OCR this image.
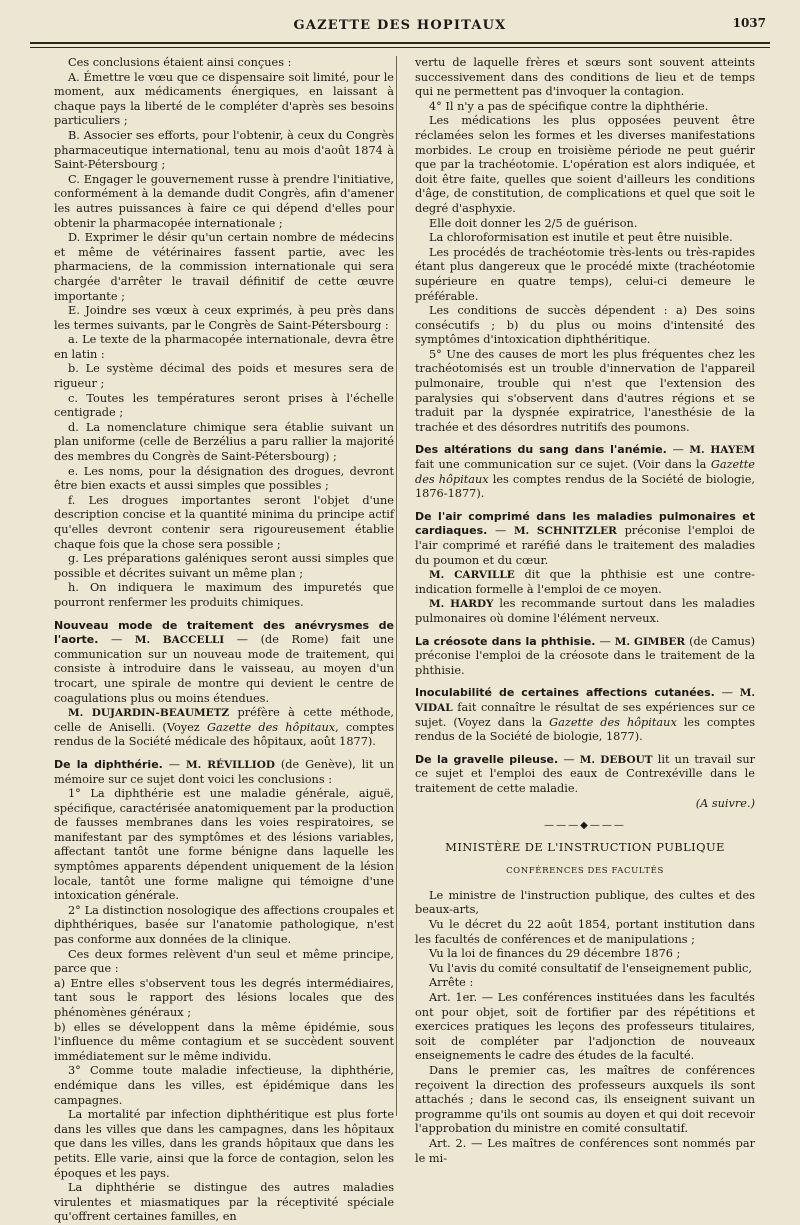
GAZETTE DES HOPITAUX	1037

Ces conclusions étaient ainsi conçues :

A. Émettre le vœu que ce dispensaire soit limité, pour le moment, aux médicaments énergiques, en laissant à chaque pays la liberté de le compléter d'après ses besoins particuliers ;

B. Associer ses efforts, pour l'obtenir, à ceux du Congrès pharmaceutique international, tenu au mois d'août 1874 à Saint-Pétersbourg ;

C. Engager le gouvernement russe à prendre l'initiative, conformément à la demande dudit Congrès, afin d'amener les autres puissances à faire ce qui dépend d'elles pour obtenir la pharmacopée internationale ;

D. Exprimer le désir qu'un certain nombre de médecins et même de vétérinaires fassent partie, avec les pharmaciens, de la commission internationale qui sera chargée d'arrêter le travail définitif de cette œuvre importante ;

E. Joindre ses vœux à ceux exprimés, à peu près dans les termes suivants, par le Congrès de Saint-Pétersbourg :

a. Le texte de la pharmacopée internationale, devra être en latin :

b. Le système décimal des poids et mesures sera de rigueur ;

c. Toutes les températures seront prises à l'échelle centigrade ;

d. La nomenclature chimique sera établie suivant un plan uniforme (celle de Berzélius a paru rallier la majorité des membres du Congrès de Saint-Pétersbourg) ;

e. Les noms, pour la désignation des drogues, devront être bien exacts et aussi simples que possibles ;

f. Les drogues importantes seront l'objet d'une description concise et la quantité minima du principe actif qu'elles devront contenir sera rigoureusement établie chaque fois que la chose sera possible ;

g. Les préparations galéniques seront aussi simples que possible et décrites suivant un même plan ;

h. On indiquera le maximum des impuretés que pourront renfermer les produits chimiques.

Nouveau mode de traitement des anévrysmes de l'aorte. — M. BACCELLI — (de Rome) fait une communication sur un nouveau mode de traitement, qui consiste à introduire dans le vaisseau, au moyen d'un trocart, une spirale de montre qui devient le centre de coagulations plus ou moins étendues.

M. DUJARDIN-BEAUMETZ préfère à cette méthode, celle de Aniselli. (Voyez Gazette des hôpitaux, comptes rendus de la Société médicale des hôpitaux, août 1877).

De la diphthérie. — M. RÉVILLIOD (de Genève), lit un mémoire sur ce sujet dont voici les conclusions :

1° La diphthérie est une maladie générale, aiguë, spécifique, caractérisée anatomiquement par la production de fausses membranes dans les voies respiratoires, se manifestant par des symptômes et des lésions variables, affectant tantôt une forme bénigne dans laquelle les symptômes apparents dépendent uniquement de la lésion locale, tantôt une forme maligne qui témoigne d'une intoxication générale.

2° La distinction nosologique des affections croupales et diphthériques, basée sur l'anatomie pathologique, n'est pas conforme aux données de la clinique.

Ces deux formes relèvent d'un seul et même principe, parce que :

a) Entre elles s'observent tous les degrés intermédiaires, tant sous le rapport des lésions locales que des phénomènes généraux ;

b) elles se développent dans la même épidémie, sous l'influence du même contagium et se succèdent souvent immédiatement sur le même individu.

3° Comme toute maladie infectieuse, la diphthérie, endémique dans les villes, est épidémique dans les campagnes.

La mortalité par infection diphthéritique est plus forte dans les villes que dans les campagnes, dans les hôpitaux que dans les villes, dans les grands hôpitaux que dans les petits. Elle varie, ainsi que la force de contagion, selon les époques et les pays.

La diphthérie se distingue des autres maladies virulentes et miasmatiques par la réceptivité spéciale qu'offrent certaines familles, en

vertu de laquelle frères et sœurs sont souvent atteints successivement dans des conditions de lieu et de temps qui ne permettent pas d'invoquer la contagion.

4° Il n'y a pas de spécifique contre la diphthérie.

Les médications les plus opposées peuvent être réclamées selon les formes et les diverses manifestations morbides. Le croup en troisième période ne peut guérir que par la trachéotomie. L'opération est alors indiquée, et doit être faite, quelles que soient d'ailleurs les conditions d'âge, de constitution, de complications et quel que soit le degré d'asphyxie.

Elle doit donner les 2/5 de guérison.

La chloroformisation est inutile et peut être nuisible.

Les procédés de trachéotomie très-lents ou très-rapides étant plus dangereux que le procédé mixte (trachéotomie supérieure en quatre temps), celui-ci demeure le préférable.

Les conditions de succès dépendent : a) Des soins consécutifs ; b) du plus ou moins d'intensité des symptômes d'intoxication diphthéritique.

5° Une des causes de mort les plus fréquentes chez les trachéotomisés est un trouble d'innervation de l'appareil pulmonaire, trouble qui n'est que l'extension des paralysies qui s'observent dans d'autres régions et se traduit par la dyspnée expiratrice, l'anesthésie de la trachée et des désordres nutritifs des poumons.

Des altérations du sang dans l'anémie. — M. HAYEM fait une communication sur ce sujet. (Voir dans la Gazette des hôpitaux les comptes rendus de la Société de biologie, 1876-1877).

De l'air comprimé dans les maladies pulmonaires et cardiaques. — M. SCHNITZLER préconise l'emploi de l'air comprimé et raréfié dans le traitement des maladies du poumon et du cœur.

M. CARVILLE dit que la phthisie est une contre-indication formelle à l'emploi de ce moyen.

M. HARDY les recommande surtout dans les maladies pulmonaires où domine l'élément nerveux.

La créosote dans la phthisie. — M. GIMBER (de Camus) préconise l'emploi de la créosote dans le traitement de la phthisie.

Inoculabilité de certaines affections cutanées. — M. VIDAL fait connaître le résultat de ses expériences sur ce sujet. (Voyez dans la Gazette des hôpitaux les comptes rendus de la Société de biologie, 1877).

De la gravelle pileuse. — M. DEBOUT lit un travail sur ce sujet et l'emploi des eaux de Contrexéville dans le traitement de cette maladie.

(A suivre.)
———◆———

MINISTÈRE DE L'INSTRUCTION PUBLIQUE

CONFÉRENCES DES FACULTÉS

Le ministre de l'instruction publique, des cultes et des beaux-arts,

Vu le décret du 22 août 1854, portant institution dans les facultés de conférences et de manipulations ;

Vu la loi de finances du 29 décembre 1876 ;

Vu l'avis du comité consultatif de l'enseignement public,

Arrête :

Art. 1er. — Les conférences instituées dans les facultés ont pour objet, soit de fortifier par des répétitions et exercices pratiques les leçons des professeurs titulaires, soit de compléter par l'adjonction de nouveaux enseignements le cadre des études de la faculté.

Dans le premier cas, les maîtres de conférences reçoivent la direction des professeurs auxquels ils sont attachés ; dans le second cas, ils enseignent suivant un programme qu'ils ont soumis au doyen et qui doit recevoir l'approbation du ministre en comité consultatif.

Art. 2. — Les maîtres de conférences sont nommés par le mi-
